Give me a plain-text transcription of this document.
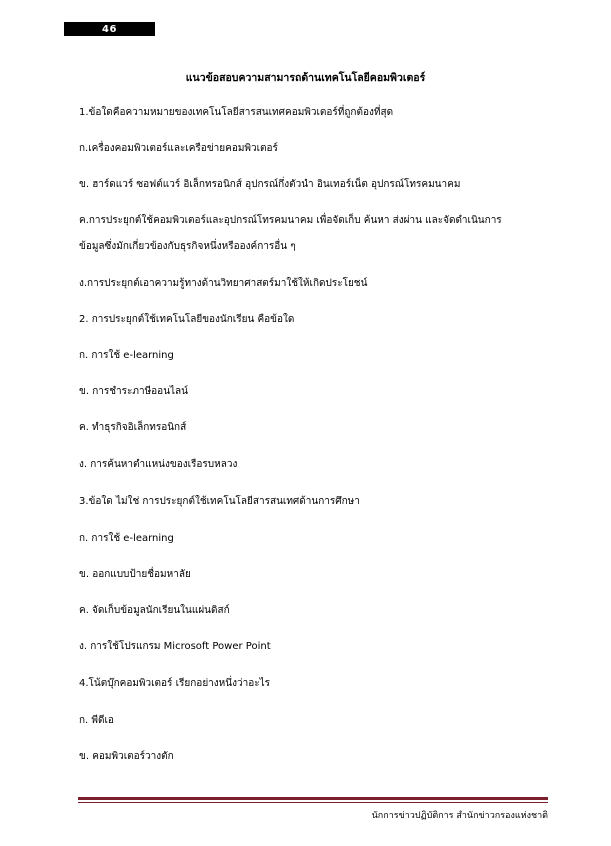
46
แนวข้อสอบความสามารถด้านเทคโนโลยีคอมพิวเตอร์
1.ข้อใดคือความหมายของเทคโนโลยีสารสนเทศคอมพิวเตอร์ที่ถูกต้องที่สุด
ก.เครื่องคอมพิวเตอร์และเครือข่ายคอมพิวเตอร์
ข. ฮาร์ดแวร์ ซอฟต์แวร์ อิเล็กทรอนิกส์ อุปกรณ์กึ่งตัวนำ อินเทอร์เน็ต อุปกรณ์โทรคมนาคม
ค.การประยุกต์ใช้คอมพิวเตอร์และอุปกรณ์โทรคมนาคม เพื่อจัดเก็บ ค้นหา ส่งผ่าน และจัดดำเนินการ
ข้อมูลซึ่งมักเกี่ยวข้องกับธุรกิจหนึ่งหรือองค์การอื่น ๆ
ง.การประยุกต์เอาความรู้ทางด้านวิทยาศาสตร์มาใช้ให้เกิดประโยชน์
2. การประยุกต์ใช้เทคโนโลยีของนักเรียน คือข้อใด
ก. การใช้ e-learning
ข. การชำระภาษีออนไลน์
ค. ทำธุรกิจอิเล็กทรอนิกส์
ง. การค้นหาตำแหน่งของเรือรบหลวง
3.ข้อใด ไม่ใช่ การประยุกต์ใช้เทคโนโลยีสารสนเทศด้านการศึกษา
ก. การใช้ e-learning
ข. ออกแบบป้ายชื่อมหาลัย
ค. จัดเก็บข้อมูลนักเรียนในแผ่นดิสก์
ง. การใช้โปรแกรม Microsoft Power Point
4.โน้ตบุ๊กคอมพิวเตอร์ เรียกอย่างหนึ่งว่าอะไร
ก. พีดีเอ
ข. คอมพิวเตอร์วางตัก
นักการข่าวปฏิบัติการ สำนักข่าวกรองแห่งชาติ
